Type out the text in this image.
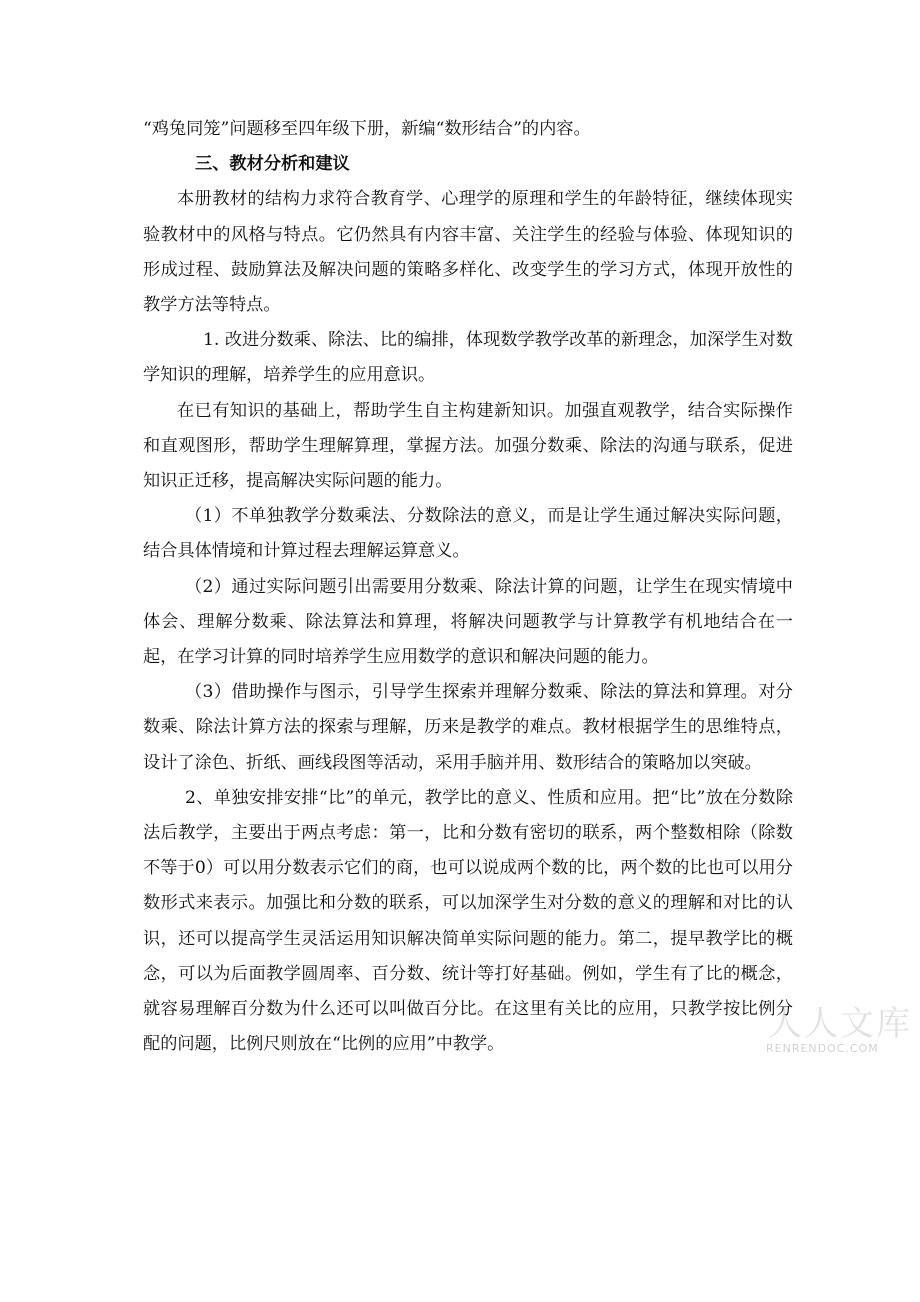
“鸡兔同笼”问题移至四年级下册，新编“数形结合”的内容。

三、教材分析和建议

本册教材的结构力求符合教育学、心理学的原理和学生的年龄特征，继续体现实验教材中的风格与特点。它仍然具有内容丰富、关注学生的经验与体验、体现知识的形成过程、鼓励算法及解决问题的策略多样化、改变学生的学习方式，体现开放性的教学方法等特点。

1. 改进分数乘、除法、比的编排，体现数学教学改革的新理念，加深学生对数学知识的理解，培养学生的应用意识。

在已有知识的基础上，帮助学生自主构建新知识。加强直观教学，结合实际操作和直观图形，帮助学生理解算理，掌握方法。加强分数乘、除法的沟通与联系，促进知识正迁移，提高解决实际问题的能力。

（1）不单独教学分数乘法、分数除法的意义，而是让学生通过解决实际问题，结合具体情境和计算过程去理解运算意义。

（2）通过实际问题引出需要用分数乘、除法计算的问题，让学生在现实情境中体会、理解分数乘、除法算法和算理，将解决问题教学与计算教学有机地结合在一起，在学习计算的同时培养学生应用数学的意识和解决问题的能力。

（3）借助操作与图示，引导学生探索并理解分数乘、除法的算法和算理。对分数乘、除法计算方法的探索与理解，历来是教学的难点。教材根据学生的思维特点，设计了涂色、折纸、画线段图等活动，采用手脑并用、数形结合的策略加以突破。

2、单独安排安排“比”的单元，教学比的意义、性质和应用。把“比”放在分数除法后教学，主要出于两点考虑：第一，比和分数有密切的联系，两个整数相除（除数不等于0）可以用分数表示它们的商，也可以说成两个数的比，两个数的比也可以用分数形式来表示。加强比和分数的联系，可以加深学生对分数的意义的理解和对比的认识，还可以提高学生灵活运用知识解决简单实际问题的能力。第二，提早教学比的概念，可以为后面教学圆周率、百分数、统计等打好基础。例如，学生有了比的概念，就容易理解百分数为什么还可以叫做百分比。在这里有关比的应用，只教学按比例分配的问题，比例尺则放在“比例的应用”中教学。

人人文库
RENRENDOC.COM
